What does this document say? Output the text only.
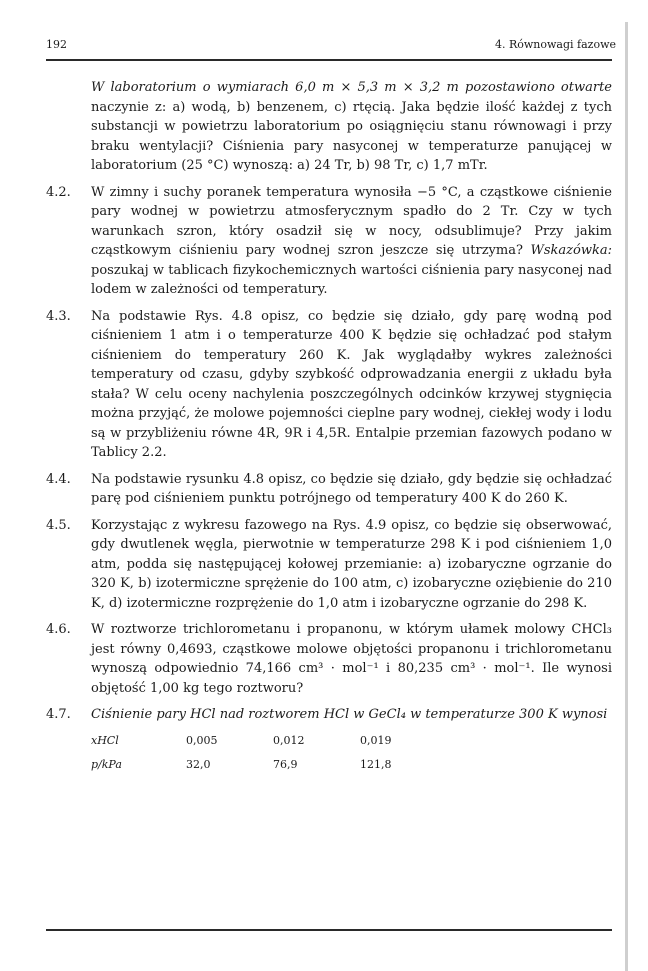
192	4. Równowagi fazowe

W laboratorium o wymiarach 6,0 m × 5,3 m × 3,2 m pozostawiono otwarte naczynie z: a) wodą, b) benzenem, c) rtęcią. Jaka będzie ilość każdej z tych substancji w powietrzu laboratorium po osiągnięciu stanu równowagi i przy braku wentylacji? Ciśnienia pary nasyconej w temperaturze panującej w laboratorium (25 °C) wynoszą: a) 24 Tr, b) 98 Tr, c) 1,7 mTr.

4.2. W zimny i suchy poranek temperatura wynosiła −5 °C, a cząstkowe ciśnienie pary wodnej w powietrzu atmosferycznym spadło do 2 Tr. Czy w tych warunkach szron, który osadził się w nocy, odsublimuje? Przy jakim cząstkowym ciśnieniu pary wodnej szron jeszcze się utrzyma? Wskazówka: poszukaj w tablicach fizykochemicznych wartości ciśnienia pary nasyconej nad lodem w zależności od temperatury.

4.3. Na podstawie Rys. 4.8 opisz, co będzie się działo, gdy parę wodną pod ciśnieniem 1 atm i o temperaturze 400 K będzie się ochładzać pod stałym ciśnieniem do temperatury 260 K. Jak wyglądałby wykres zależności temperatury od czasu, gdyby szybkość odprowadzania energii z układu była stała? W celu oceny nachylenia poszczególnych odcinków krzywej stygnięcia można przyjąć, że molowe pojemności cieplne pary wodnej, ciekłej wody i lodu są w przybliżeniu równe 4R, 9R i 4,5R. Entalpie przemian fazowych podano w Tablicy 2.2.

4.4. Na podstawie rysunku 4.8 opisz, co będzie się działo, gdy będzie się ochładzać parę pod ciśnieniem punktu potrójnego od temperatury 400 K do 260 K.

4.5. Korzystając z wykresu fazowego na Rys. 4.9 opisz, co będzie się obserwować, gdy dwutlenek węgla, pierwotnie w temperaturze 298 K i pod ciśnieniem 1,0 atm, podda się następującej kołowej przemianie: a) izobaryczne ogrzanie do 320 K, b) izotermiczne sprężenie do 100 atm, c) izobaryczne oziębienie do 210 K, d) izotermiczne rozprężenie do 1,0 atm i izobaryczne ogrzanie do 298 K.

4.6. W roztworze trichlorometanu i propanonu, w którym ułamek molowy CHCl₃ jest równy 0,4693, cząstkowe molowe objętości propanonu i trichlorometanu wynoszą odpowiednio 74,166 cm³ · mol⁻¹ i 80,235 cm³ · mol⁻¹. Ile wynosi objętość 1,00 kg tego roztworu?

4.7. Ciśnienie pary HCl nad roztworem HCl w GeCl₄ w temperaturze 300 K wynosi

xHCl	0,005	0,012	0,019
p/kPa	32,0	76,9	121,8
